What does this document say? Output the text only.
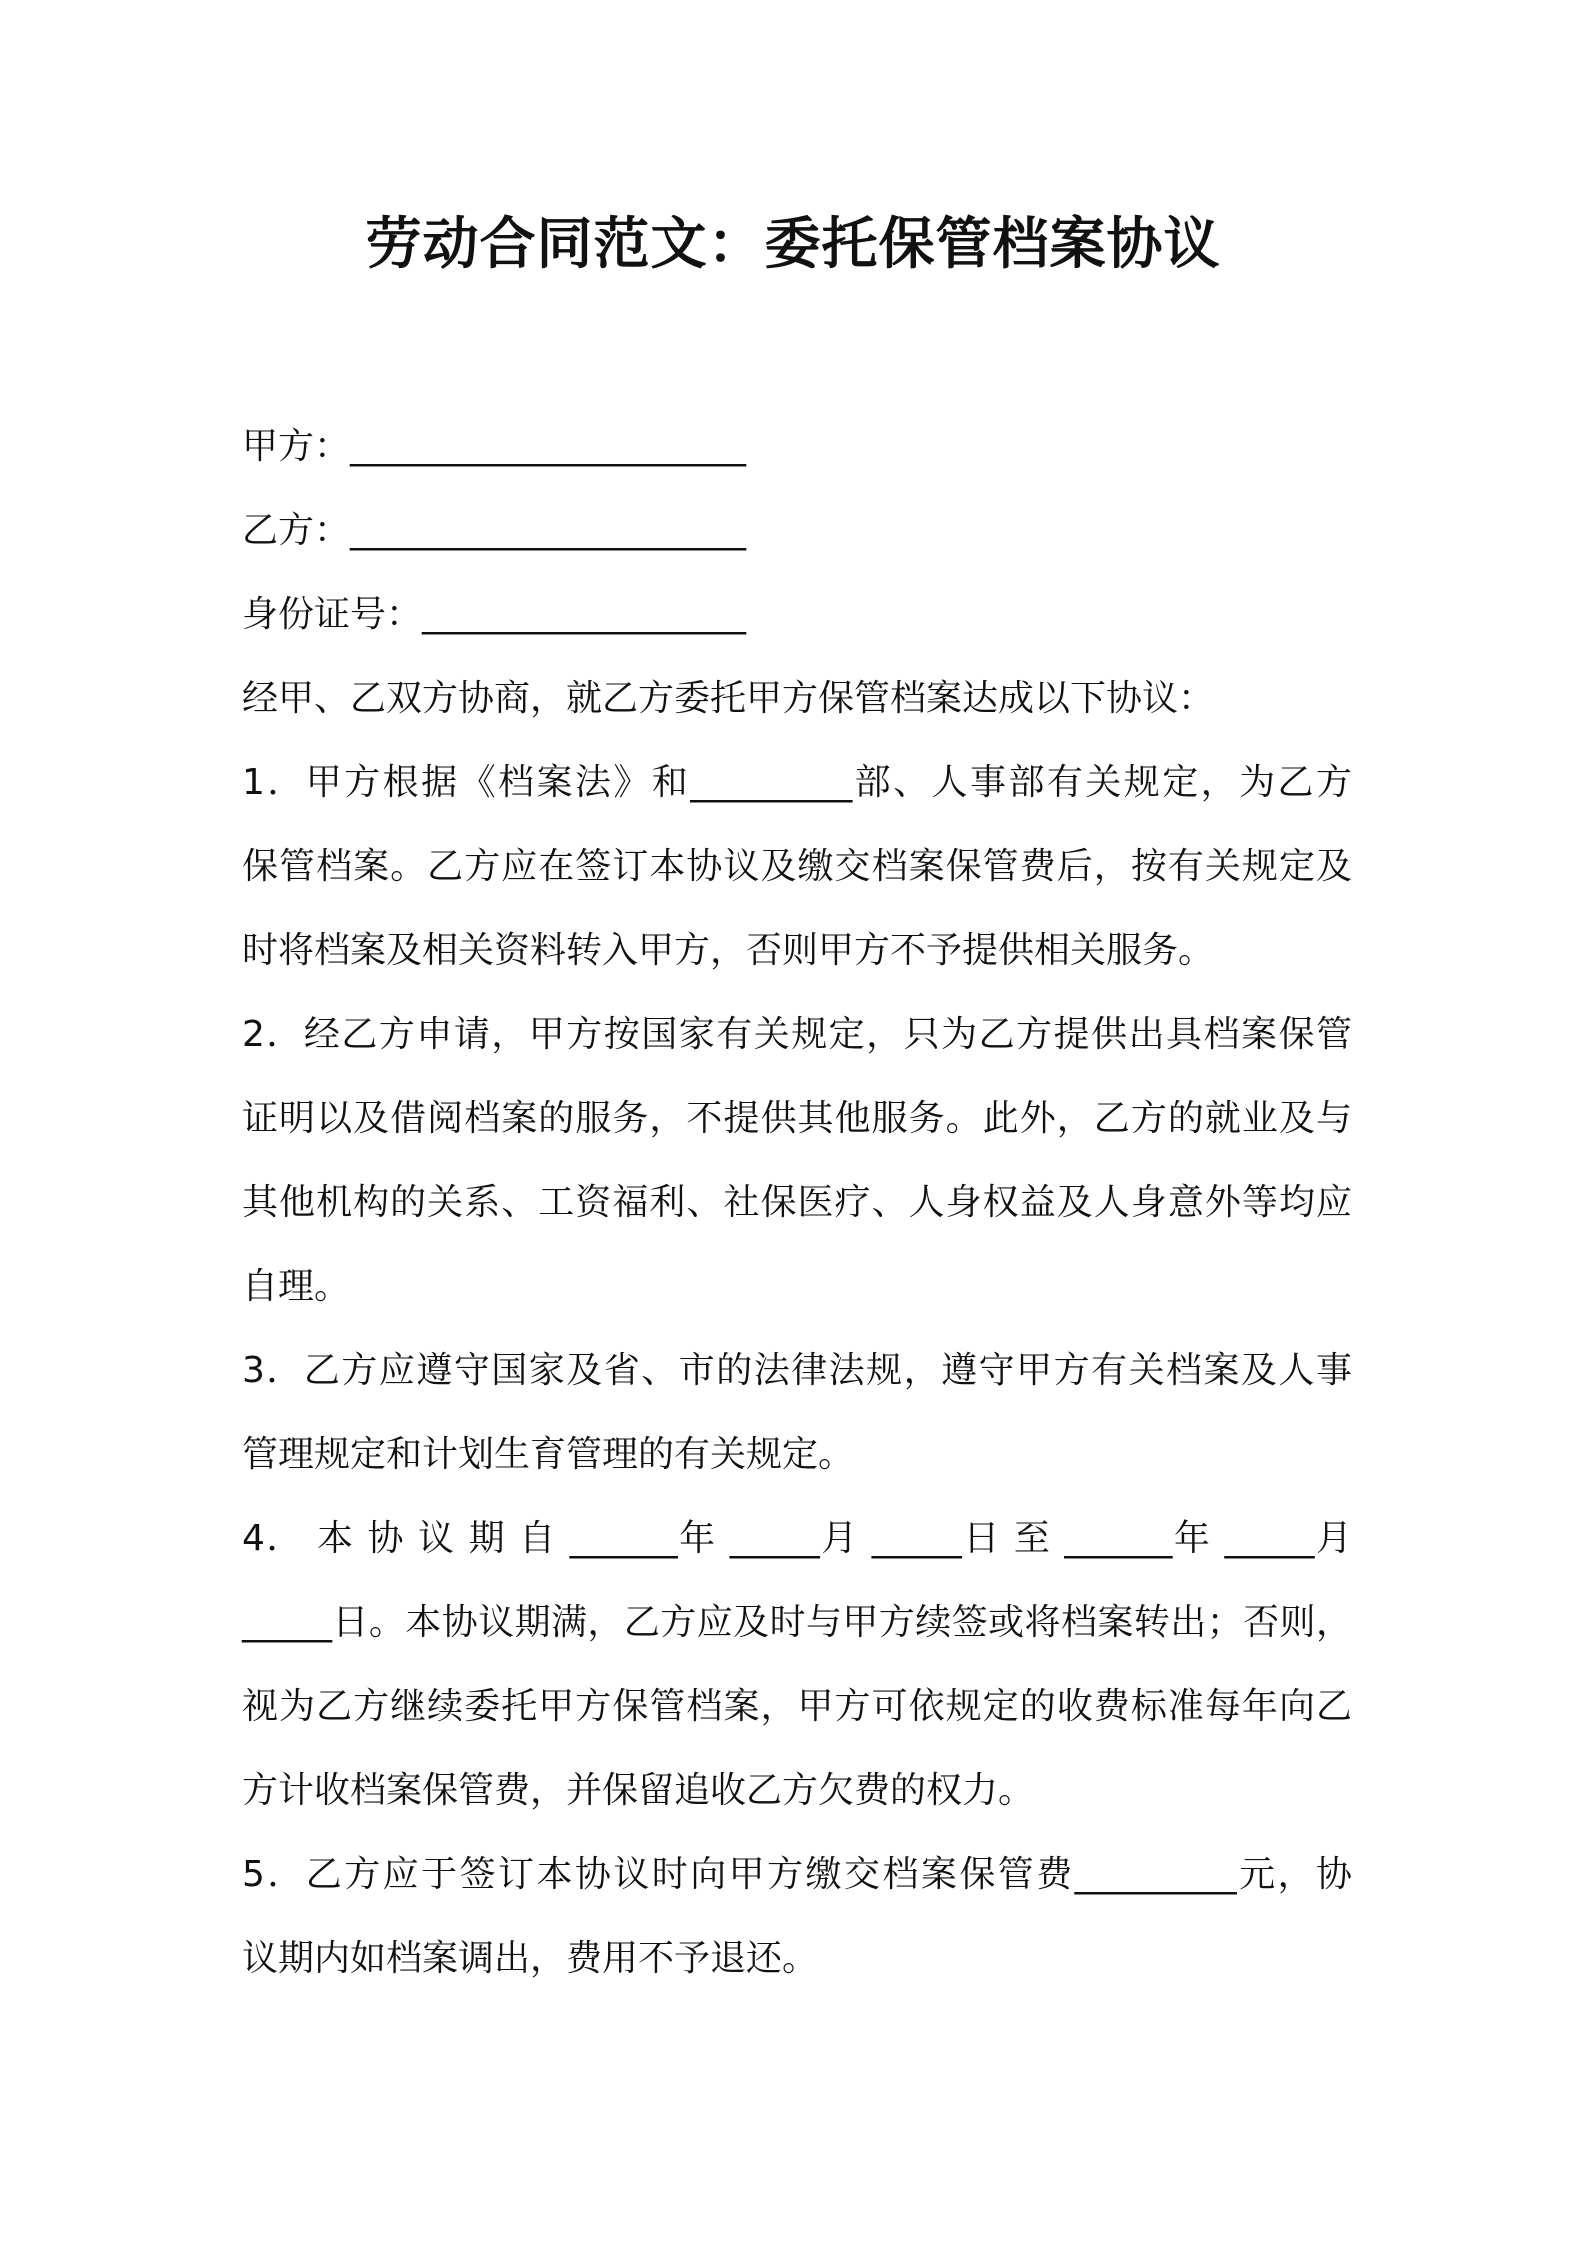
劳动合同范文：委托保管档案协议
甲方：______________________
乙方：______________________
身份证号：__________________
经甲、乙双方协商，就乙方委托甲方保管档案达成以下协议：
1．甲方根据《档案法》和_________部、人事部有关规定，为乙方
保管档案。乙方应在签订本协议及缴交档案保管费后，按有关规定及
时将档案及相关资料转入甲方，否则甲方不予提供相关服务。
2．经乙方申请，甲方按国家有关规定，只为乙方提供出具档案保管
证明以及借阅档案的服务，不提供其他服务。此外，乙方的就业及与
其他机构的关系、工资福利、社保医疗、人身权益及人身意外等均应
自理。
3．乙方应遵守国家及省、市的法律法规，遵守甲方有关档案及人事
管理规定和计划生育管理的有关规定。
4． 本 协 议 期 自 ______年 _____月 _____日 至 ______年 _____月
_____日。本协议期满，乙方应及时与甲方续签或将档案转出；否则，
视为乙方继续委托甲方保管档案，甲方可依规定的收费标准每年向乙
方计收档案保管费，并保留追收乙方欠费的权力。
5．乙方应于签订本协议时向甲方缴交档案保管费_________元，协
议期内如档案调出，费用不予退还。
